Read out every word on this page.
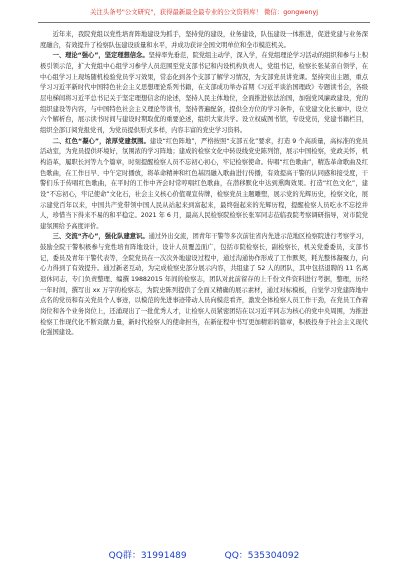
关注头条号"公文研究"，获得最新最全最专业的公文资料库！ 微信：gongwenyj

近年来，我院党组以党性培育阵地建设为抓手，坚持党的建设，业务建设，队伍建设一体推进，促进党建与业务深度融合，有效提升了检察队伍建设质量和水平，并成功获评全国文明单位和全市模范机关。

一、理论“强心”，坚定理想信念。坚持率先垂范，院党组主动学，深入学，在党组理论学习活动的组织和参与上积极引领示范，扩大党组中心组学习参学人员范围至党支部书记和内设机构负责人，党组书记，检察长张某亲自领学，在中心组学习上现场随机检验党员学习效果，常态化到各个支部了解学习情况，为支部党员讲党课。坚持突出主题，重点学习习近平新时代中国特色社会主义思想理论系列书籍，在支部成功举办首期《习近平谈治国理政》专题读书会，各级层电梯间将习近平总书记关于坚定理想信念的论述，坚持人民主体地位，全面推进依法治国，加强党风廉政建设，党的组织建设等内容，与中国特色社会主义理论等读书，坚持普遍配备，提供全方位的学习条件，在党建文化长廊中，设立六个解析台，展示读书时间与建设时期取优的重要论述，组织大家共学。设立权威图书馆，专设党员，党建书籍栏目，组织全部订阅党报党刊，为党员提供形式多样，内容丰富的党史学习资料。

二、红色“凝心”，浓厚党建氛围。建设“红色阵地”，严格按照“支部五化”要求，打造 9 个高质量，高标准的党员活动室，为党员提供环境好，氛围浓的学习阵地；建成的检察文化中转设线党史陈列馆，展示中国检察，党政关怀，机构沿革，履职长河等九个篇章，时刻提醒检察人员不忘初心初心，牢记检察使命。传唱“红色歌曲”，精选革命歌曲及红色歌曲，在工作日早、中午定时播放，将革命精神和红色基因融入歌曲进行传播，有效提高干警的认同感和接受度，干警们乐于传唱红色歌曲，在平时的工作中齐会时常哼唱红色歌曲，在潜移默化中达到熏陶效果。打造“红色文化”，建设“不忘初心，牢记使命”文化石，社会主义核心价值观宣传牌，检察党员主题雕塑，展示党的光辉历史，检察文化，展示建党百年以来，中国共产党带领中国人民从站起来到富起来，最终强起来的光辉历程，提醒检察人员吃水不忘挖井人，珍惜当下得来不易的和平稳定。2021 年 6 月，最高人民检察院检察长张军同志莅临我院考察调研指导，对市院党建氛围给予高度评价。

三、交流“齐心”，强化队建意识。通过外出交流，团青年干警等多次前往省内先进示范地区检察院进行考察学习，鼓励全院干警积极参与党性培育阵地设计，设计人员覆盖面广，包括市院检察长，副检察长，机关党委委员，支部书记，委员及青年干警代表等，全院党员在一次次外地建设过程中，通过沟通协作形成了工作默契，耗光整体凝聚力，向心力得到了有效提升。通过新老互动，为完成检察史部分展示内容，共组建了 52 人的团队，其中包括退聘的 11 名离退休同志，专门负责整理、编撰 19882015 年间的检察志，团队对此前留存的上千份文件资料进行考据，整理，历经一年时间，撰写出 xx 万字的检察志，为院史陈列提供了全面又精确的展示素材，通过对标模板，自觉学习党建阵地中点名的党员和有关党员个人事迹，以模范的先进事迹带动人员向模范看齐，激发全体检察人员工作干劲，在党员工作着岗位和各个业务岗位上，还涌现出了一批优秀人才，让检察人员紧密团结在以习近平同志为核心的党中央周围，为推进检察工作现代化不断贡献力量，新时代检察人的使命担当，在新征程中书写更加精彩的篇章，积极投身于社会主义现代化强国建设。

QQ群：31991489	QQ：535304092
